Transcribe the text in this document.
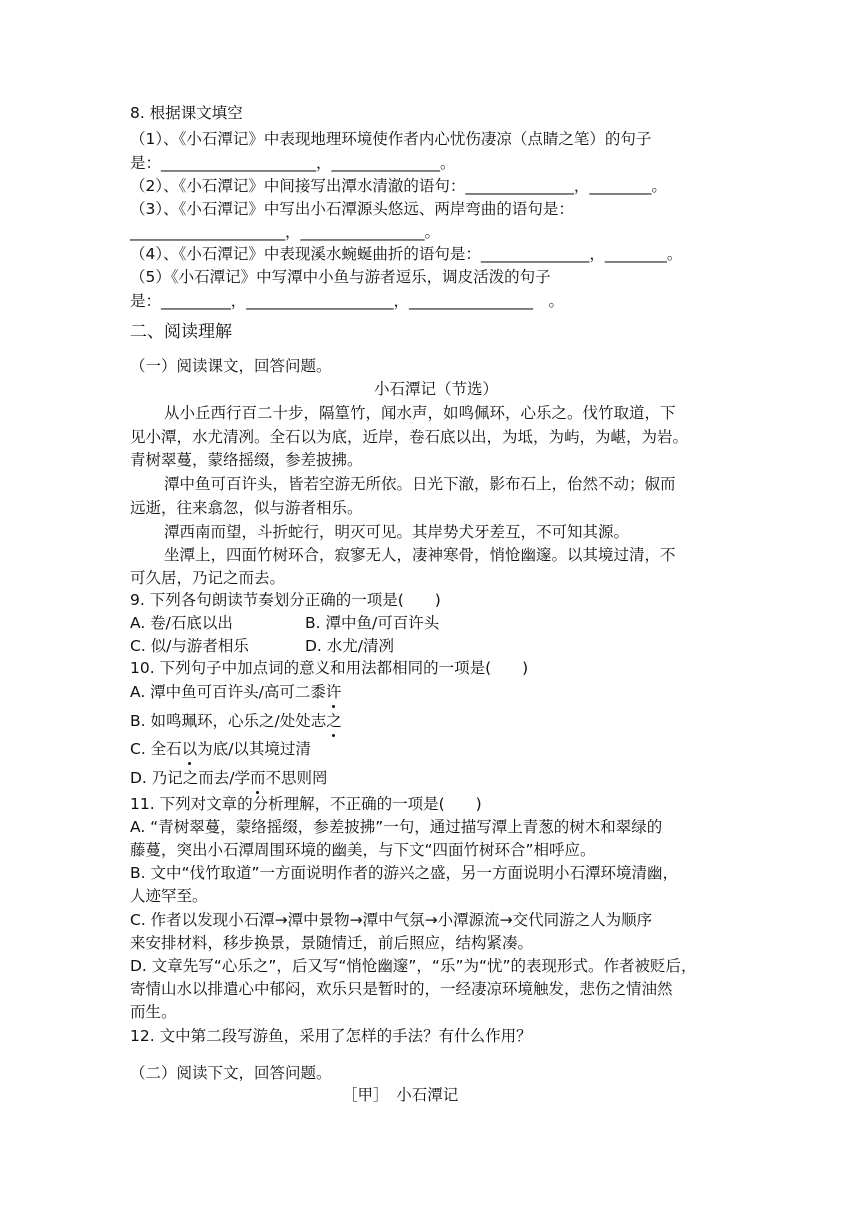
8. 根据课文填空
（1）、《小石潭记》中表现地理环境使作者内心忧伤凄凉（点睛之笔）的句子
是：____________________，______________。
（2）、《小石潭记》中间接写出潭水清澈的语句：______________，________。
（3）、《小石潭记》中写出小石潭源头悠远、两岸弯曲的语句是：
____________________，________________。
（4）、《小石潭记》中表现溪水蜿蜒曲折的语句是：______________，________。
（5）《小石潭记》中写潭中小鱼与游者逗乐，调皮活泼的句子
是：_________，___________________，________________　。
二、阅读理解
（一）阅读课文，回答问题。
小石潭记（节选）
从小丘西行百二十步，隔篁竹，闻水声，如鸣佩环，心乐之。伐竹取道，下
见小潭，水尤清冽。全石以为底，近岸，卷石底以出，为坻，为屿，为嵁，为岩。
青树翠蔓，蒙络摇缀，参差披拂。
潭中鱼可百许头，皆若空游无所依。日光下澈，影布石上，佁然不动；俶而
远逝，往来翕忽，似与游者相乐。
潭西南而望，斗折蛇行，明灭可见。其岸势犬牙差互，不可知其源。
坐潭上，四面竹树环合，寂寥无人，凄神寒骨，悄怆幽邃。以其境过清，不
可久居，乃记之而去。
9. 下列各句朗读节奏划分正确的一项是(　　)
A. 卷/石底以出	B. 潭中鱼/可百许头
C. 似/与游者相乐	D. 水尤/清冽
10. 下列句子中加点词的意义和用法都相同的一项是(　　)
A. 潭中鱼可百许头/高可二黍许
B. 如鸣珮环，心乐之/处处志之
C. 全石以为底/以其境过清
D. 乃记之而去/学而不思则罔
11. 下列对文章的分析理解，不正确的一项是(　　)
A. “青树翠蔓，蒙络摇缀，参差披拂”一句，通过描写潭上青葱的树木和翠绿的
藤蔓，突出小石潭周围环境的幽美，与下文“四面竹树环合”相呼应。
B. 文中“伐竹取道”一方面说明作者的游兴之盛，另一方面说明小石潭环境清幽，
人迹罕至。
C. 作者以发现小石潭→潭中景物→潭中气氛→小潭源流→交代同游之人为顺序
来安排材料，移步换景，景随情迁，前后照应，结构紧凑。
D. 文章先写“心乐之”，后又写“悄怆幽邃”，“乐”为“忧”的表现形式。作者被贬后，
寄情山水以排遣心中郁闷，欢乐只是暂时的，一经凄凉环境触发，悲伤之情油然
而生。
12. 文中第二段写游鱼，采用了怎样的手法？有什么作用？
（二）阅读下文，回答问题。
［甲］　小石潭记
